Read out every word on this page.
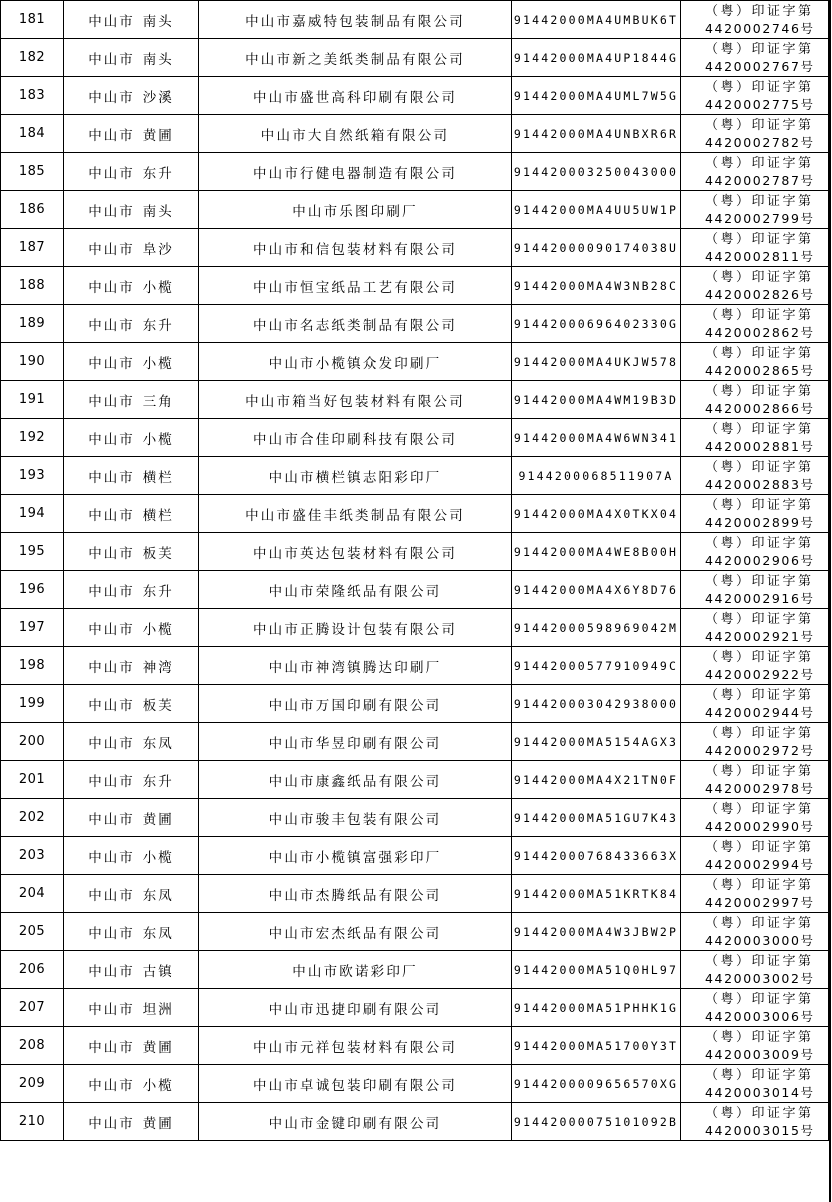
181	中山市 南头	中山市嘉威特包装制品有限公司	91442000MA4UMBUK6T	（粤）印证字第
4420002746号

182	中山市 南头	中山市新之美纸类制品有限公司	91442000MA4UP1844G	（粤）印证字第
4420002767号

183	中山市 沙溪	中山市盛世高科印刷有限公司	91442000MA4UML7W5G	（粤）印证字第
4420002775号

184	中山市 黄圃	中山市大自然纸箱有限公司	91442000MA4UNBXR6R	（粤）印证字第
4420002782号

185	中山市 东升	中山市行健电器制造有限公司	914420003250043000	（粤）印证字第
4420002787号

186	中山市 南头	中山市乐图印刷厂	91442000MA4UU5UW1P	（粤）印证字第
4420002799号

187	中山市 阜沙	中山市和信包装材料有限公司	91442000090174038U	（粤）印证字第
4420002811号

188	中山市 小榄	中山市恒宝纸品工艺有限公司	91442000MA4W3NB28C	（粤）印证字第
4420002826号

189	中山市 东升	中山市名志纸类制品有限公司	91442000696402330G	（粤）印证字第
4420002862号

190	中山市 小榄	中山市小榄镇众发印刷厂	91442000MA4UKJW578	（粤）印证字第
4420002865号

191	中山市 三角	中山市箱当好包装材料有限公司	91442000MA4WM19B3D	（粤）印证字第
4420002866号

192	中山市 小榄	中山市合佳印刷科技有限公司	91442000MA4W6WN341	（粤）印证字第
4420002881号

193	中山市 横栏	中山市横栏镇志阳彩印厂	9144200068511907A	（粤）印证字第
4420002883号

194	中山市 横栏	中山市盛佳丰纸类制品有限公司	91442000MA4X0TKX04	（粤）印证字第
4420002899号

195	中山市 板芙	中山市英达包装材料有限公司	91442000MA4WE8B00H	（粤）印证字第
4420002906号

196	中山市 东升	中山市荣隆纸品有限公司	91442000MA4X6Y8D76	（粤）印证字第
4420002916号

197	中山市 小榄	中山市正腾设计包装有限公司	91442000598969042M	（粤）印证字第
4420002921号

198	中山市 神湾	中山市神湾镇腾达印刷厂	91442000577910949C	（粤）印证字第
4420002922号

199	中山市 板芙	中山市万国印刷有限公司	914420003042938000	（粤）印证字第
4420002944号

200	中山市 东凤	中山市华昱印刷有限公司	91442000MA5154AGX3	（粤）印证字第
4420002972号

201	中山市 东升	中山市康鑫纸品有限公司	91442000MA4X21TN0F	（粤）印证字第
4420002978号

202	中山市 黄圃	中山市骏丰包装有限公司	91442000MA51GU7K43	（粤）印证字第
4420002990号

203	中山市 小榄	中山市小榄镇富强彩印厂	91442000768433663X	（粤）印证字第
4420002994号

204	中山市 东凤	中山市杰腾纸品有限公司	91442000MA51KRTK84	（粤）印证字第
4420002997号

205	中山市 东凤	中山市宏杰纸品有限公司	91442000MA4W3JBW2P	（粤）印证字第
4420003000号

206	中山市 古镇	中山市欧诺彩印厂	91442000MA51Q0HL97	（粤）印证字第
4420003002号

207	中山市 坦洲	中山市迅捷印刷有限公司	91442000MA51PHHK1G	（粤）印证字第
4420003006号

208	中山市 黄圃	中山市元祥包装材料有限公司	91442000MA51700Y3T	（粤）印证字第
4420003009号

209	中山市 小榄	中山市卓诚包装印刷有限公司	9144200009656570XG	（粤）印证字第
4420003014号

210	中山市 黄圃	中山市金键印刷有限公司	91442000075101092B	（粤）印证字第
4420003015号
